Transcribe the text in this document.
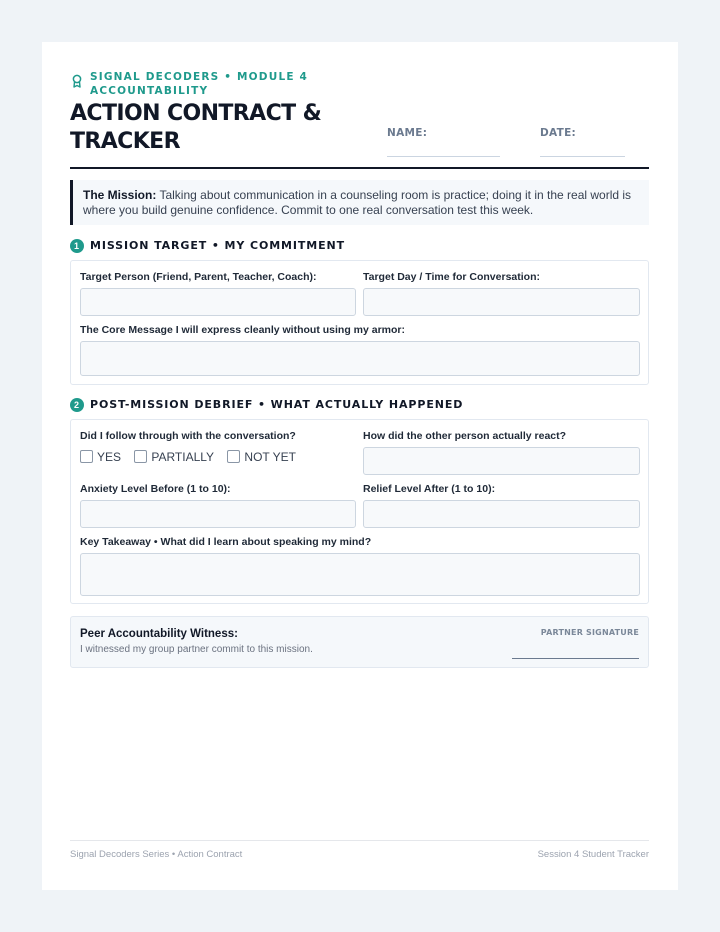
SIGNAL DECODERS • MODULE 4 ACCOUNTABILITY
ACTION CONTRACT & TRACKER	NAME:	DATE:
The Mission: Talking about communication in a counseling room is practice; doing it in the real world is where you build genuine confidence. Commit to one real conversation test this week.
1 MISSION TARGET • MY COMMITMENT
Target Person (Friend, Parent, Teacher, Coach):	Target Day / Time for Conversation:
The Core Message I will express cleanly without using my armor:
2 POST-MISSION DEBRIEF • WHAT ACTUALLY HAPPENED
Did I follow through with the conversation?
YES	PARTIALLY	NOT YET
How did the other person actually react?
Anxiety Level Before (1 to 10):	Relief Level After (1 to 10):
Key Takeaway • What did I learn about speaking my mind?
Peer Accountability Witness:
I witnessed my group partner commit to this mission.
PARTNER SIGNATURE
Signal Decoders Series • Action Contract	Session 4 Student Tracker
